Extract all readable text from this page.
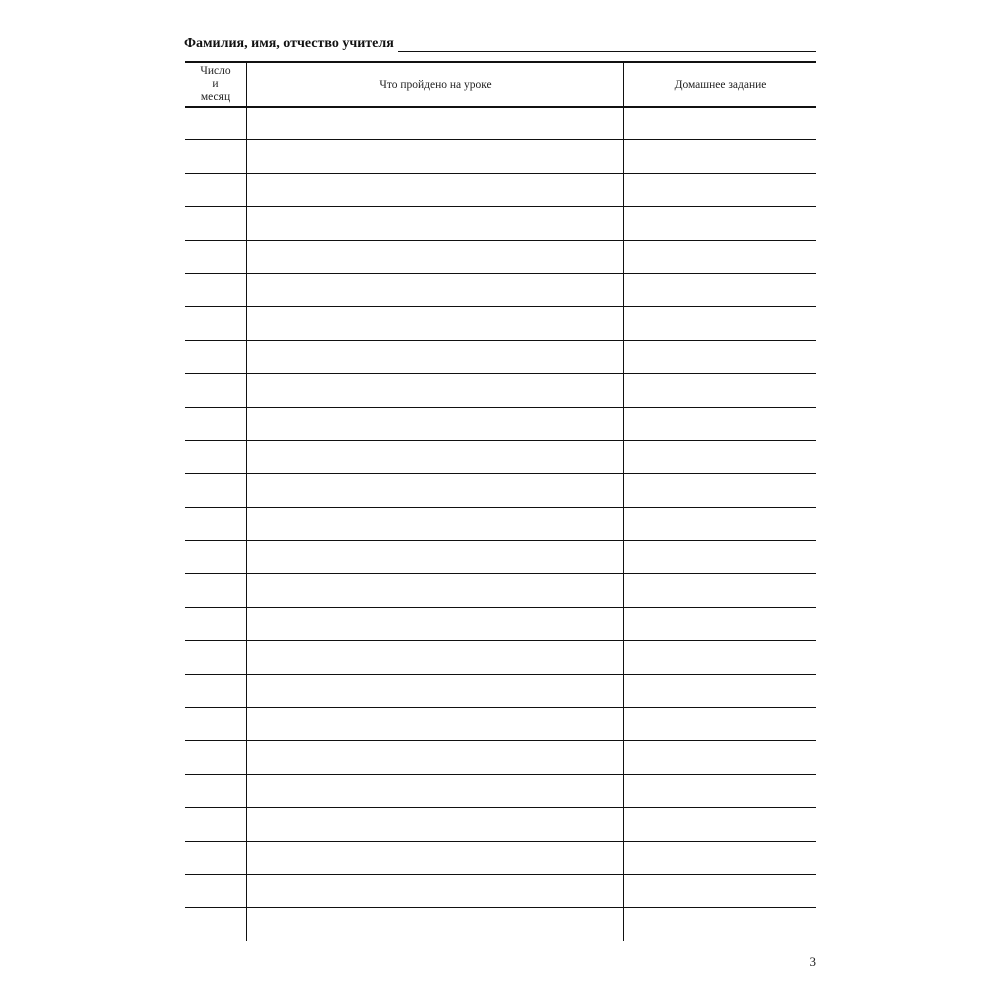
Фамилия, имя, отчество учителя
Число
и
месяц
Что пройдено на уроке	Домашнее задание
3
